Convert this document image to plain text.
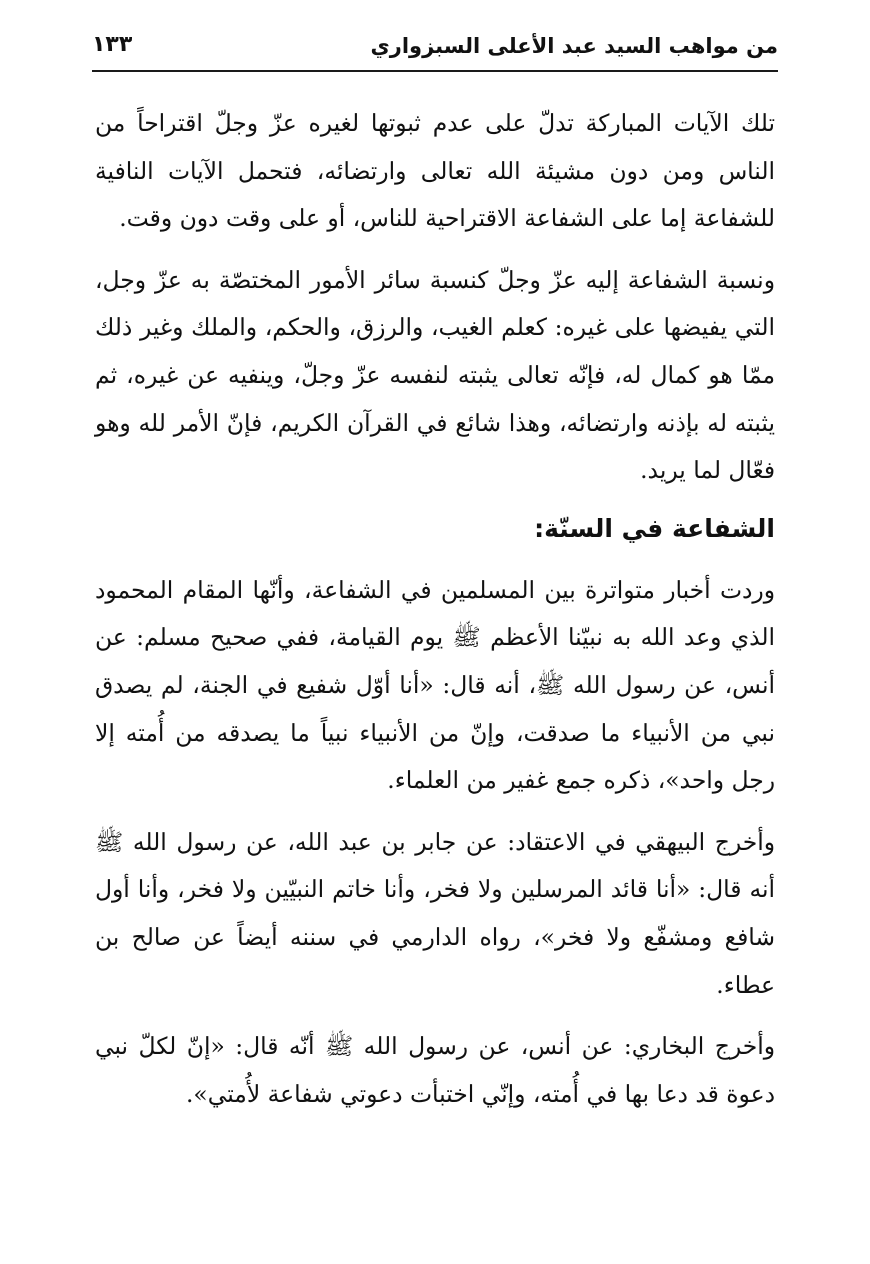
من مواهب السيد عبد الأعلى السبزواري
١٣٣

تلك الآيات المباركة تدلّ على عدم ثبوتها لغيره عزّ وجلّ اقتراحاً من الناس ومن دون مشيئة الله تعالى وارتضائه، فتحمل الآيات النافية للشفاعة إما على الشفاعة الاقتراحية للناس، أو على وقت دون وقت.

ونسبة الشفاعة إليه عزّ وجلّ كنسبة سائر الأمور المختصّة به عزّ وجل، التي يفيضها على غيره: كعلم الغيب، والرزق، والحكم، والملك وغير ذلك ممّا هو كمال له، فإنّه تعالى يثبته لنفسه عزّ وجلّ، وينفيه عن غيره، ثم يثبته له بإذنه وارتضائه، وهذا شائع في القرآن الكريم، فإنّ الأمر لله وهو فعّال لما يريد.

الشفاعة في السنّة:

وردت أخبار متواترة بين المسلمين في الشفاعة، وأنّها المقام المحمود الذي وعد الله به نبيّنا الأعظم ﷺ يوم القيامة، ففي صحيح مسلم: عن أنس، عن رسول الله ﷺ، أنه قال: «أنا أوّل شفيع في الجنة، لم يصدق نبي من الأنبياء ما صدقت، وإنّ من الأنبياء نبياً ما يصدقه من أُمته إلا رجل واحد»، ذكره جمع غفير من العلماء.

وأخرج البيهقي في الاعتقاد: عن جابر بن عبد الله، عن رسول الله ﷺ أنه قال: «أنا قائد المرسلين ولا فخر، وأنا خاتم النبيّين ولا فخر، وأنا أول شافع ومشفّع ولا فخر»، رواه الدارمي في سننه أيضاً عن صالح بن عطاء.

وأخرج البخاري: عن أنس، عن رسول الله ﷺ أنّه قال: «إنّ لكلّ نبي دعوة قد دعا بها في أُمته، وإنّي اختبأت دعوتي شفاعة لأُمتي».
